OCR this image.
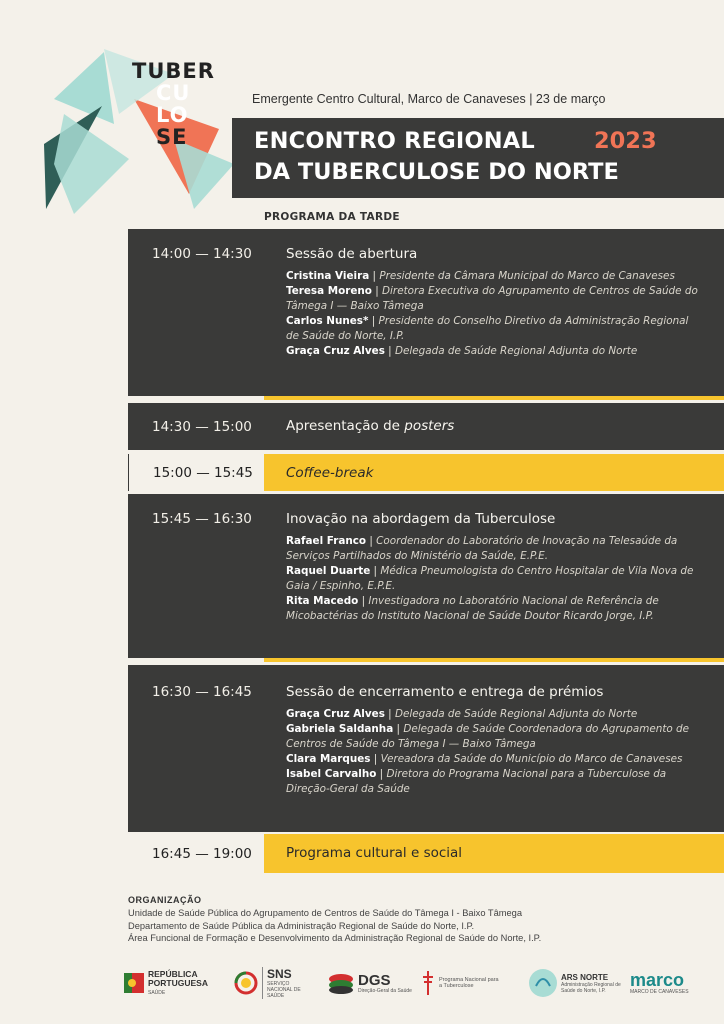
TUBER
CU
LO
SE
Emergente Centro Cultural, Marco de Canaveses | 23 de março
ENCONTRO REGIONAL	2023
DA TUBERCULOSE DO NORTE
PROGRAMA DA TARDE
14:00 — 14:30	Sessão de abertura
Cristina Vieira | Presidente da Câmara Municipal do Marco de Canaveses
Teresa Moreno | Diretora Executiva do Agrupamento de Centros de Saúde do Tâmega I — Baixo Tâmega
Carlos Nunes* | Presidente do Conselho Diretivo da Administração Regional de Saúde do Norte, I.P.
Graça Cruz Alves | Delegada de Saúde Regional Adjunta do Norte
14:30 — 15:00	Apresentação de posters
15:00 — 15:45	Coffee-break
15:45 — 16:30	Inovação na abordagem da Tuberculose
Rafael Franco | Coordenador do Laboratório de Inovação na Telesaúde da Serviços Partilhados do Ministério da Saúde, E.P.E.
Raquel Duarte | Médica Pneumologista do Centro Hospitalar de Vila Nova de Gaia / Espinho, E.P.E.
Rita Macedo | Investigadora no Laboratório Nacional de Referência de Micobactérias do Instituto Nacional de Saúde Doutor Ricardo Jorge, I.P.
16:30 — 16:45	Sessão de encerramento e entrega de prémios
Graça Cruz Alves | Delegada de Saúde Regional Adjunta do Norte
Gabriela Saldanha | Delegada de Saúde Coordenadora do Agrupamento de Centros de Saúde do Tâmega I — Baixo Tâmega
Clara Marques | Vereadora da Saúde do Município do Marco de Canaveses
Isabel Carvalho | Diretora do Programa Nacional para a Tuberculose da Direção-Geral da Saúde
16:45 — 19:00	Programa cultural e social
ORGANIZAÇÃO
Unidade de Saúde Pública do Agrupamento de Centros de Saúde do Tâmega I - Baixo Tâmega
Departamento de Saúde Pública da Administração Regional de Saúde do Norte, I.P.
Área Funcional de Formação e Desenvolvimento da Administração Regional de Saúde do Norte, I.P.
REPÚBLICA
PORTUGUESA
SAÚDE
SNS
SERVIÇO NACIONAL DE SAÚDE
DGS
Direção-Geral da Saúde
Programa Nacional para a Tuberculose
ARS NORTE
Administração Regional de Saúde do Norte, I.P.
marco
MARCO DE CANAVESES
